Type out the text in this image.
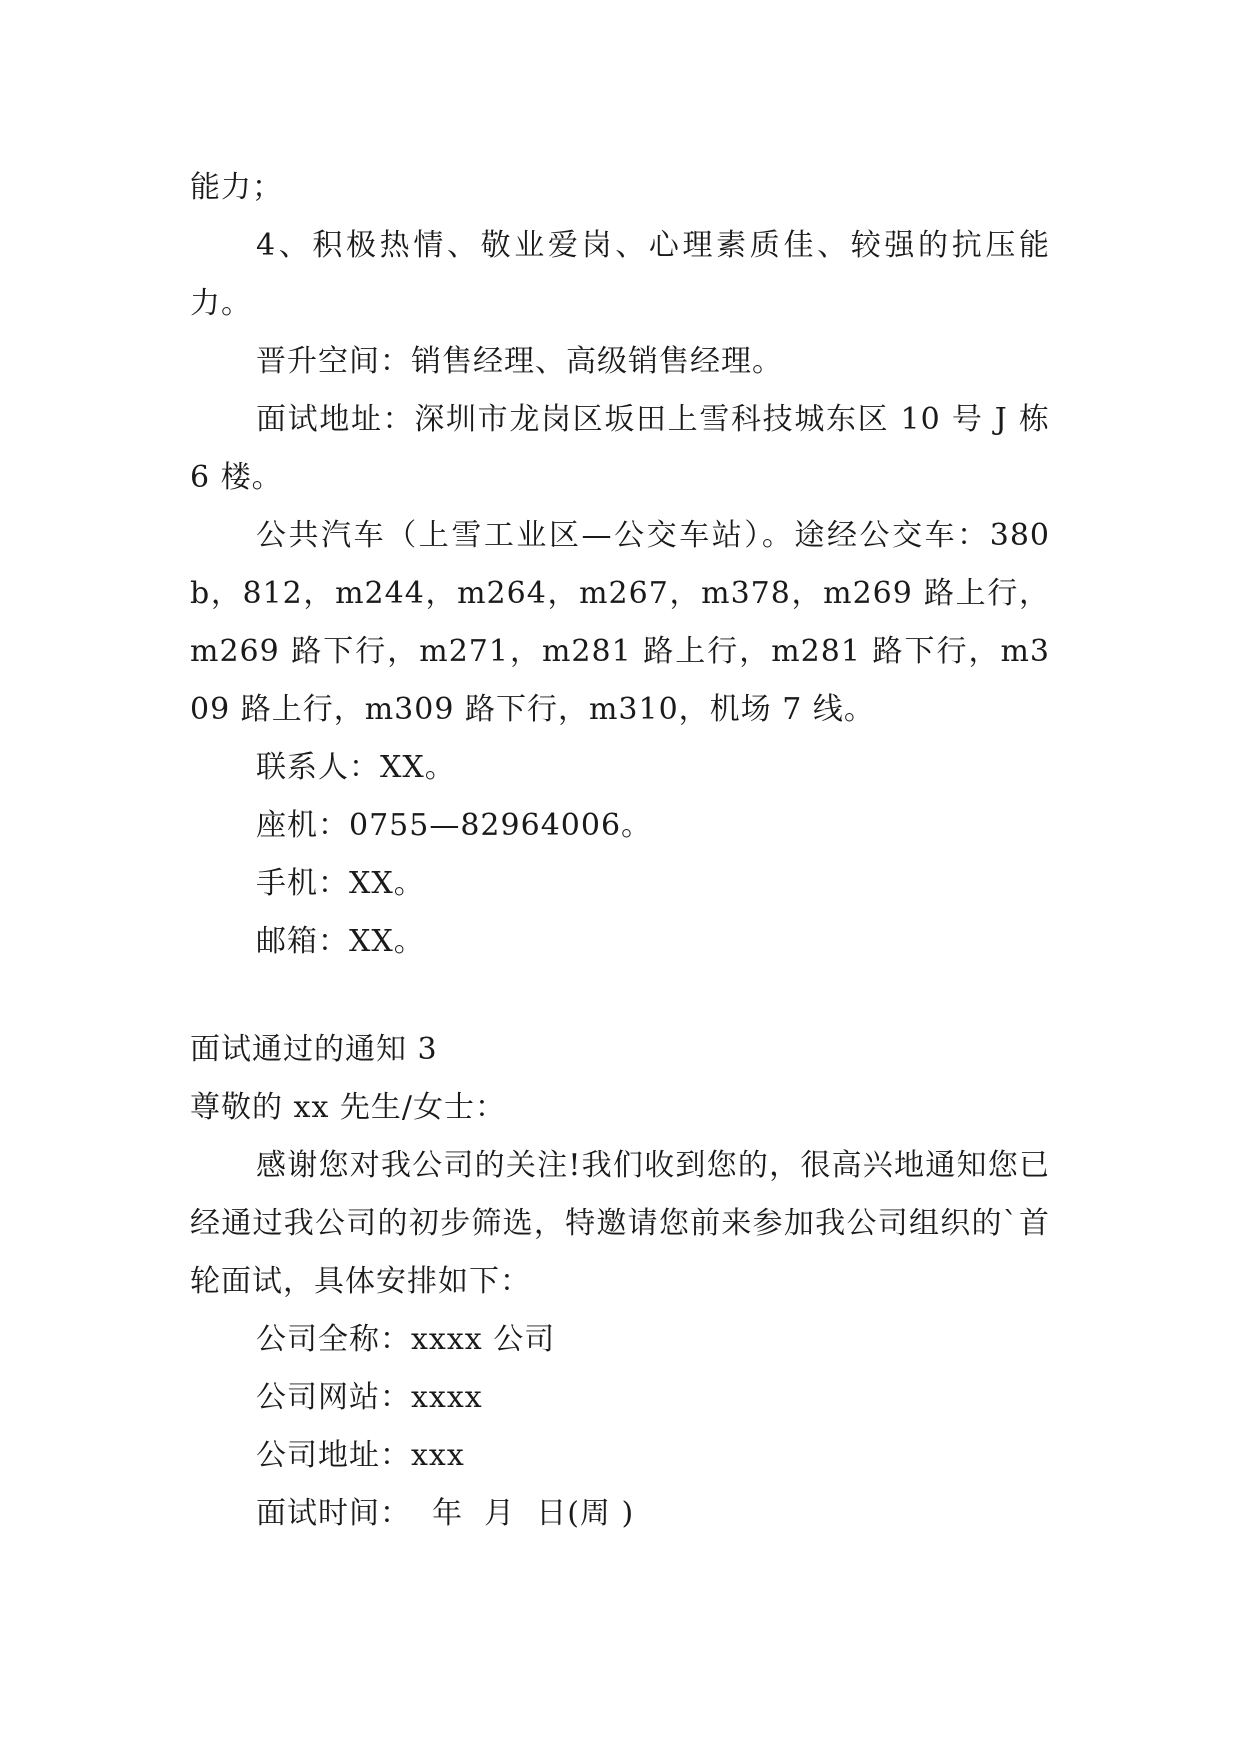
能力；

4、积极热情、敬业爱岗、心理素质佳、较强的抗压能力。

晋升空间：销售经理、高级销售经理。

面试地址：深圳市龙岗区坂田上雪科技城东区 10 号 J 栋 6 楼。

公共汽车（上雪工业区—公交车站）。途经公交车：380b，812，m244，m264，m267，m378，m269 路上行，m269 路下行，m271，m281 路上行，m281 路下行，m309 路上行，m309 路下行，m310，机场 7 线。

联系人：XX。

座机：0755—82964006。

手机：XX。

邮箱：XX。

面试通过的通知 3

尊敬的 xx 先生/女士：

感谢您对我公司的关注!我们收到您的，很高兴地通知您已经通过我公司的初步筛选，特邀请您前来参加我公司组织的`首轮面试，具体安排如下：

公司全称：xxxx 公司

公司网站：xxxx

公司地址：xxx

面试时间：  年  月  日(周 )
